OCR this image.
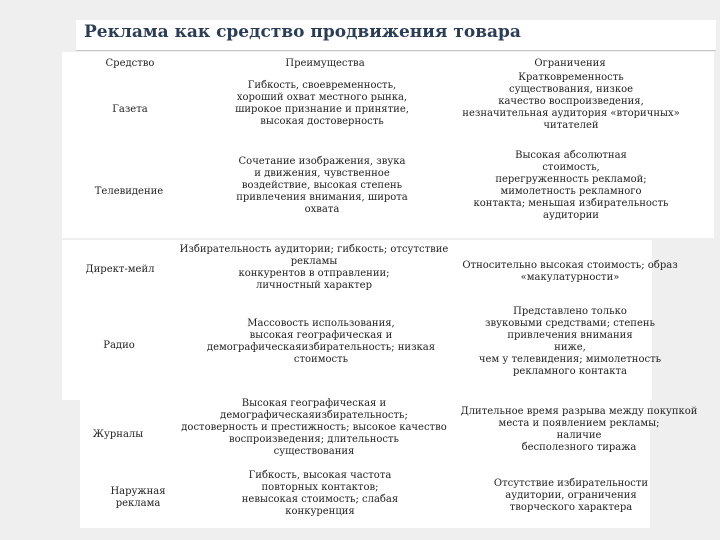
Реклама как средство продвижения товара
Средство	Преимущества	Ограничения
Газета
Гибкость, своевременность,
хороший охват местного рынка,
широкое признание и принятие,
высокая достоверность
Кратковременность
существования, низкое
качество воспроизведения,
незначительная аудитория «вторичных»
читателей
Телевидение
Сочетание изображения, звука
и движения, чувственное
воздействие, высокая степень
привлечения внимания, широта
охвата
Высокая абсолютная
стоимость,
перегруженность рекламой;
мимолетность рекламного
контакта; меньшая избирательность
аудитории
Директ-мейл
Избирательность аудитории; гибкость; отсутствие
рекламы
конкурентов в отправлении;
личностный характер
Относительно высокая стоимость; образ
«макулатурности»
Радио
Массовость использования,
высокая географическая и
демографическаяизбирательность; низкая
стоимость
Представлено только
звуковыми средствами; степень
привлечения внимания
ниже,
чем у телевидения; мимолетность
рекламного контакта
Журналы
Высокая географическая и
демографическаяизбирательность;
достоверность и престижность; высокое качество
воспроизведения; длительность
существования
Длительное время разрыва между покупкой
места и появлением рекламы;
наличие
бесполезного тиража
Наружная
реклама
Гибкость, высокая частота
повторных контактов;
невысокая стоимость; слабая
конкуренция
Отсутствие избирательности
аудитории, ограничения
творческого характера
